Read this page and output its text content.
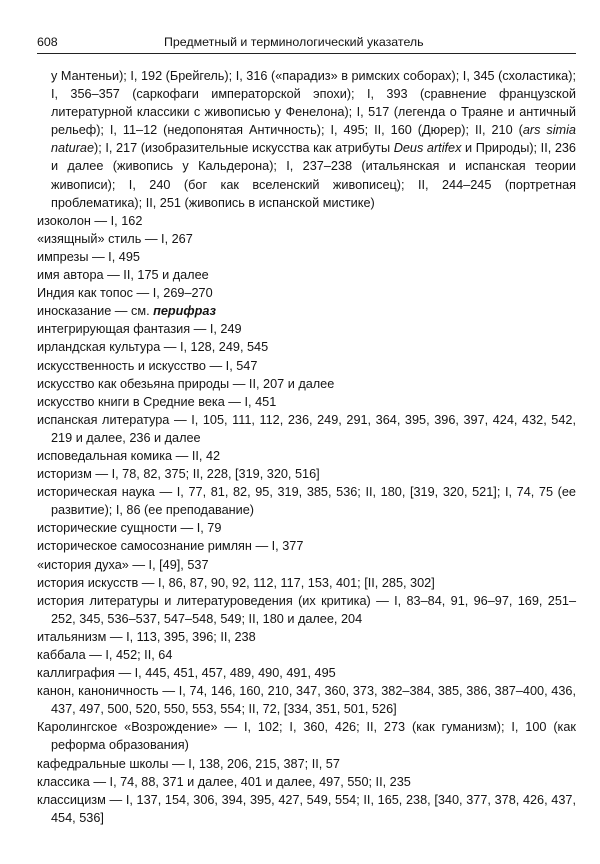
608	Предметный и терминологический указатель

у Мантеньи); I, 192 (Брейгель); I, 316 («парадиз» в римских соборах); I, 345 (схоластика); I, 356–357 (саркофаги императорской эпохи); I, 393 (сравнение французской литературной классики с живописью у Фенелона); I, 517 (легенда о Траяне и античный рельеф); I, 11–12 (недопонятая Античность); I, 495; II, 160 (Дюрер); II, 210 (ars simia naturae); I, 217 (изобразительные искусства как атрибуты Deus artifex и Природы); II, 236 и далее (живопись у Кальдерона); I, 237–238 (итальянская и испанская теории живописи); I, 240 (бог как вселенский живописец); II, 244–245 (портретная проблематика); II, 251 (живопись в испанской мистике)

изоколон — I, 162

«изящный» стиль — I, 267

импрезы — I, 495

имя автора — II, 175 и далее

Индия как топос — I, 269–270

иносказание — см. перифраз

интегрирующая фантазия — I, 249

ирландская культура — I, 128, 249, 545

искусственность и искусство — I, 547

искусство как обезьяна природы — II, 207 и далее

искусство книги в Средние века — I, 451

испанская литература — I, 105, 111, 112, 236, 249, 291, 364, 395, 396, 397, 424, 432, 542, 219 и далее, 236 и далее

исповедальная комика — II, 42

историзм — I, 78, 82, 375; II, 228, [319, 320, 516]

историческая наука — I, 77, 81, 82, 95, 319, 385, 536; II, 180, [319, 320, 521]; I, 74, 75 (ее развитие); I, 86 (ее преподавание)

исторические сущности — I, 79

историческое самосознание римлян — I, 377

«история духа» — I, [49], 537

история искусств — I, 86, 87, 90, 92, 112, 117, 153, 401; [II, 285, 302]

история литературы и литературоведения (их критика) — I, 83–84, 91, 96–97, 169, 251–252, 345, 536–537, 547–548, 549; II, 180 и далее, 204

итальянизм — I, 113, 395, 396; II, 238

каббала — I, 452; II, 64

каллиграфия — I, 445, 451, 457, 489, 490, 491, 495

канон, каноничность — I, 74, 146, 160, 210, 347, 360, 373, 382–384, 385, 386, 387–400, 436, 437, 497, 500, 520, 550, 553, 554; II, 72, [334, 351, 501, 526]

Каролингское «Возрождение» — I, 102; I, 360, 426; II, 273 (как гуманизм); I, 100 (как реформа образования)

кафедральные школы — I, 138, 206, 215, 387; II, 57

классика — I, 74, 88, 371 и далее, 401 и далее, 497, 550; II, 235

классицизм — I, 137, 154, 306, 394, 395, 427, 549, 554; II, 165, 238, [340, 377, 378, 426, 437, 454, 536]
